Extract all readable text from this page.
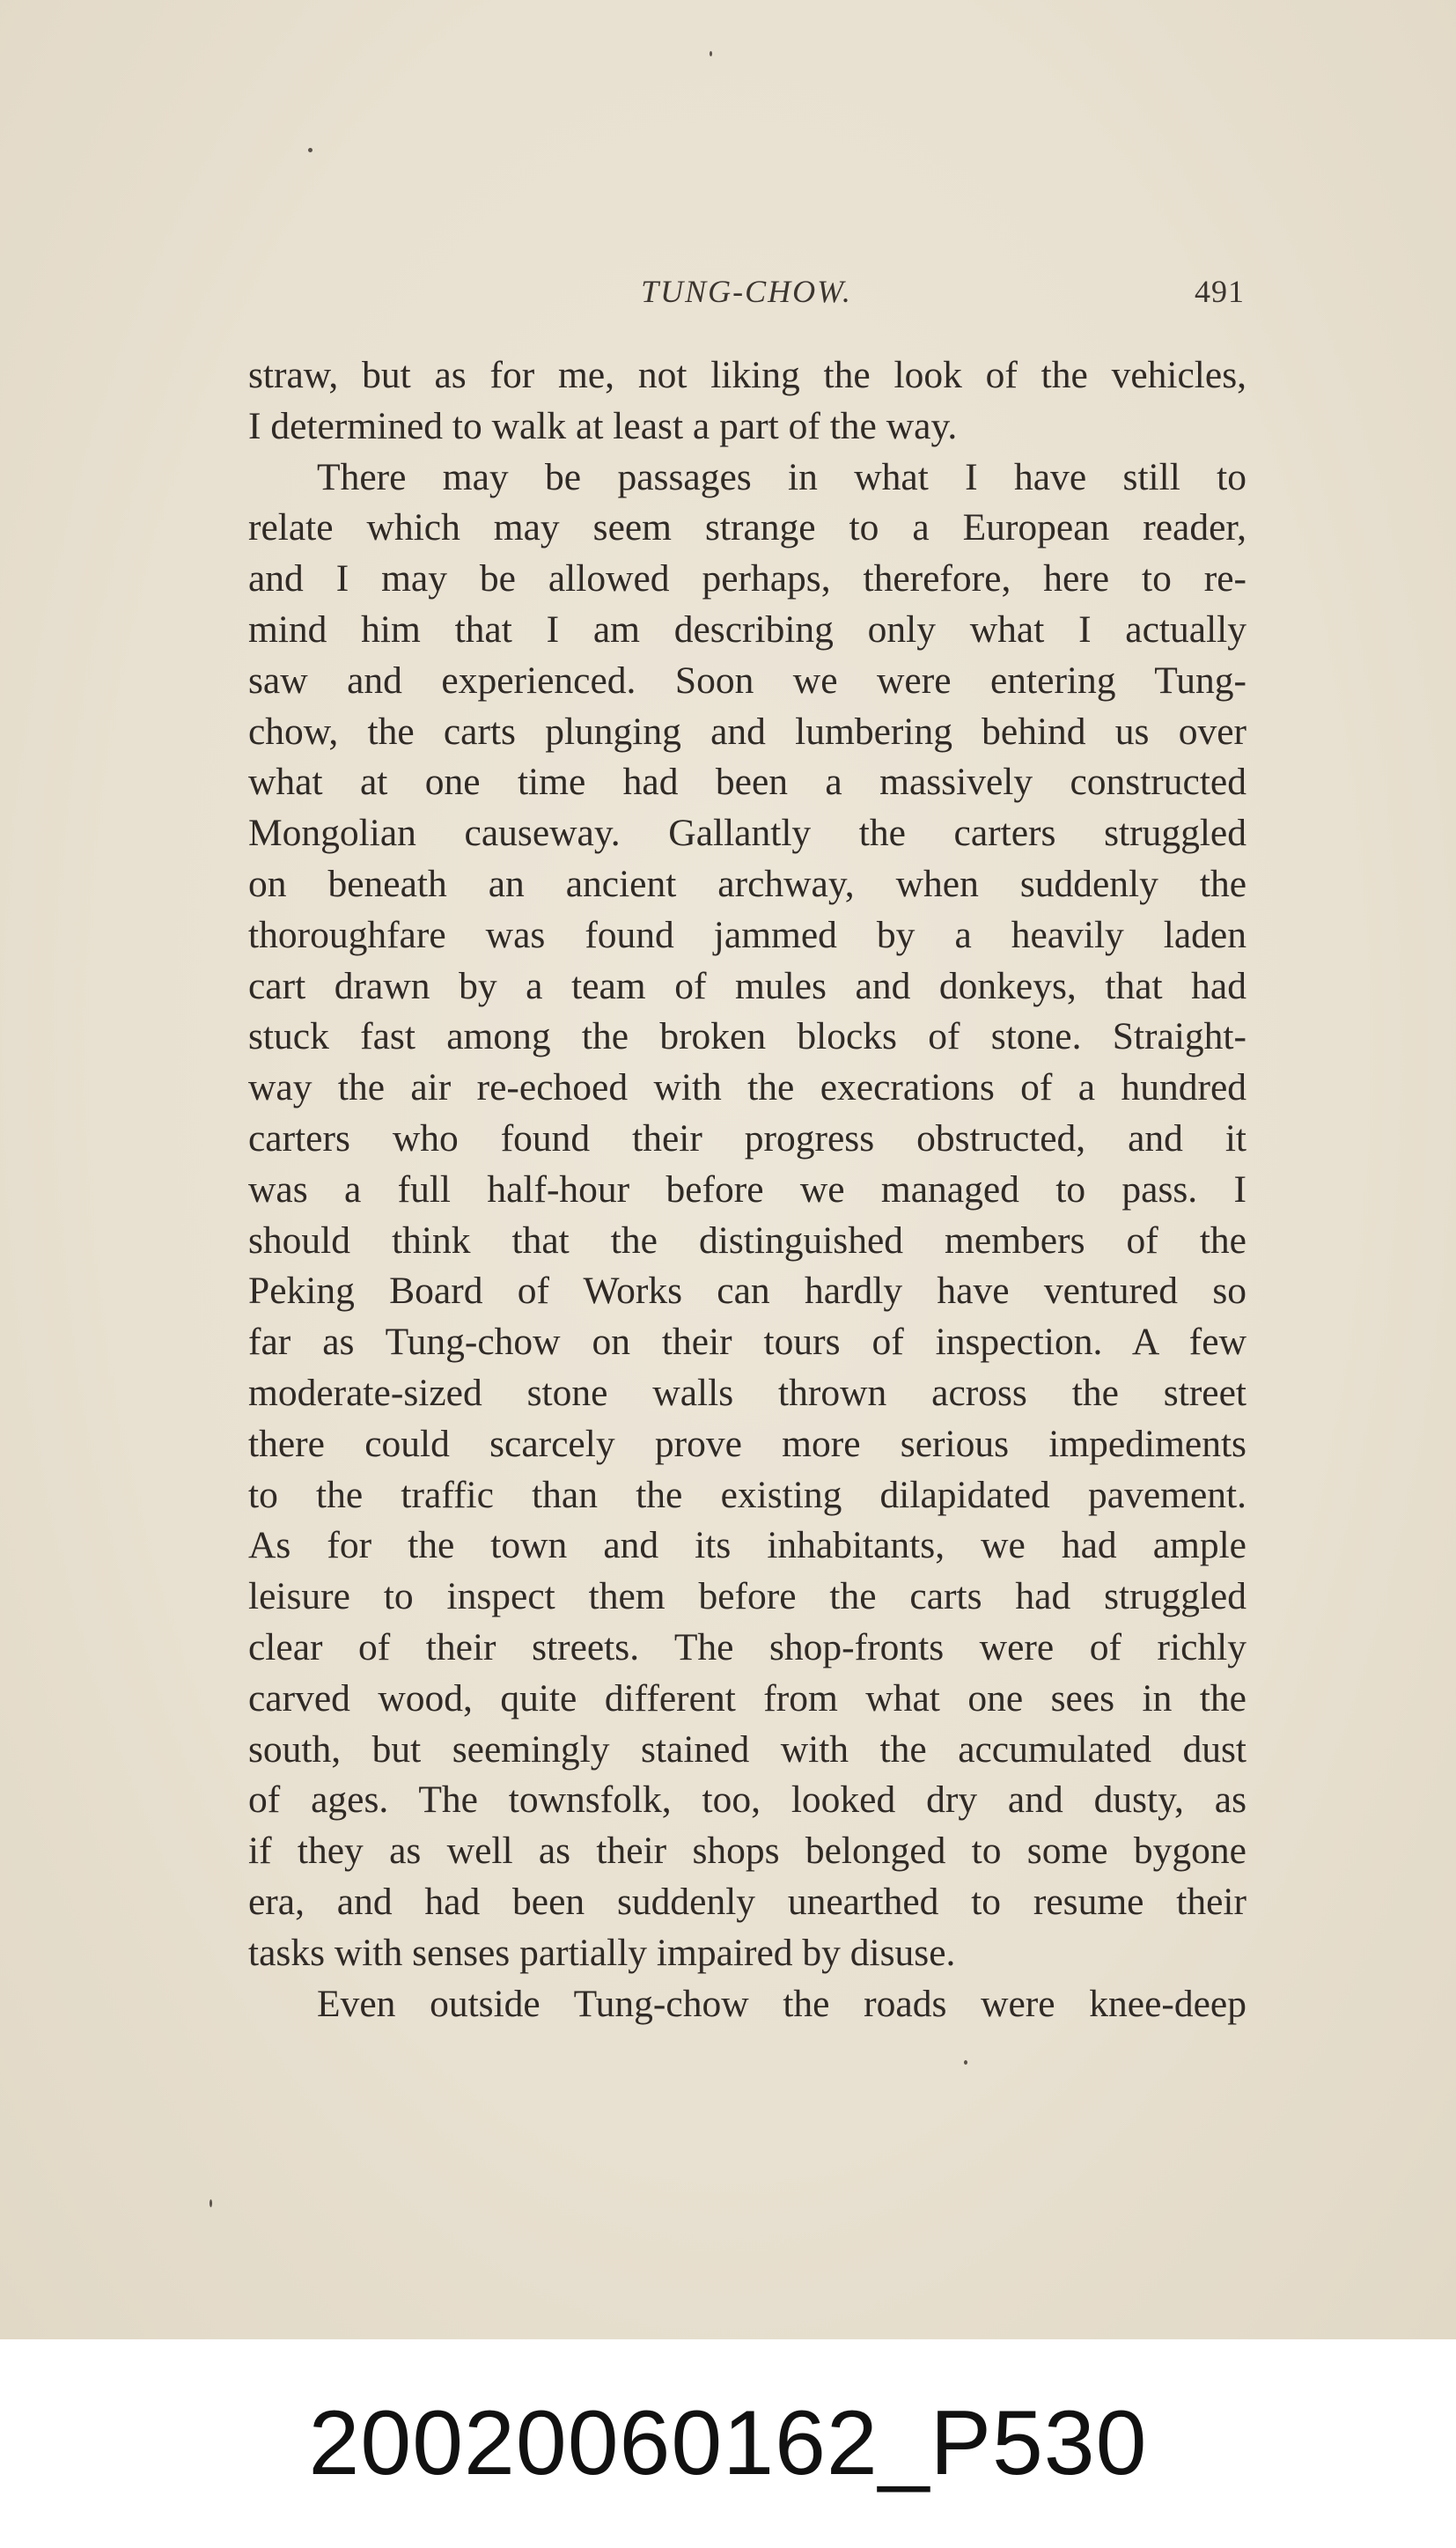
TUNG-CHOW.	491
straw, but as for me, not liking the look of the vehicles,
I determined to walk at least a part of the way.
There may be passages in what I have still to
relate which may seem strange to a European reader,
and I may be allowed perhaps, therefore, here to re-
mind him that I am describing only what I actually
saw and experienced. Soon we were entering Tung-
chow, the carts plunging and lumbering behind us over
what at one time had been a massively constructed
Mongolian causeway. Gallantly the carters struggled
on beneath an ancient archway, when suddenly the
thoroughfare was found jammed by a heavily laden
cart drawn by a team of mules and donkeys, that had
stuck fast among the broken blocks of stone. Straight-
way the air re-echoed with the execrations of a hundred
carters who found their progress obstructed, and it
was a full half-hour before we managed to pass. I
should think that the distinguished members of the
Peking Board of Works can hardly have ventured so
far as Tung-chow on their tours of inspection. A few
moderate-sized stone walls thrown across the street
there could scarcely prove more serious impediments
to the traffic than the existing dilapidated pavement.
As for the town and its inhabitants, we had ample
leisure to inspect them before the carts had struggled
clear of their streets. The shop-fronts were of richly
carved wood, quite different from what one sees in the
south, but seemingly stained with the accumulated dust
of ages. The townsfolk, too, looked dry and dusty, as
if they as well as their shops belonged to some bygone
era, and had been suddenly unearthed to resume their
tasks with senses partially impaired by disuse.
Even outside Tung-chow the roads were knee-deep
20020060162_P530
